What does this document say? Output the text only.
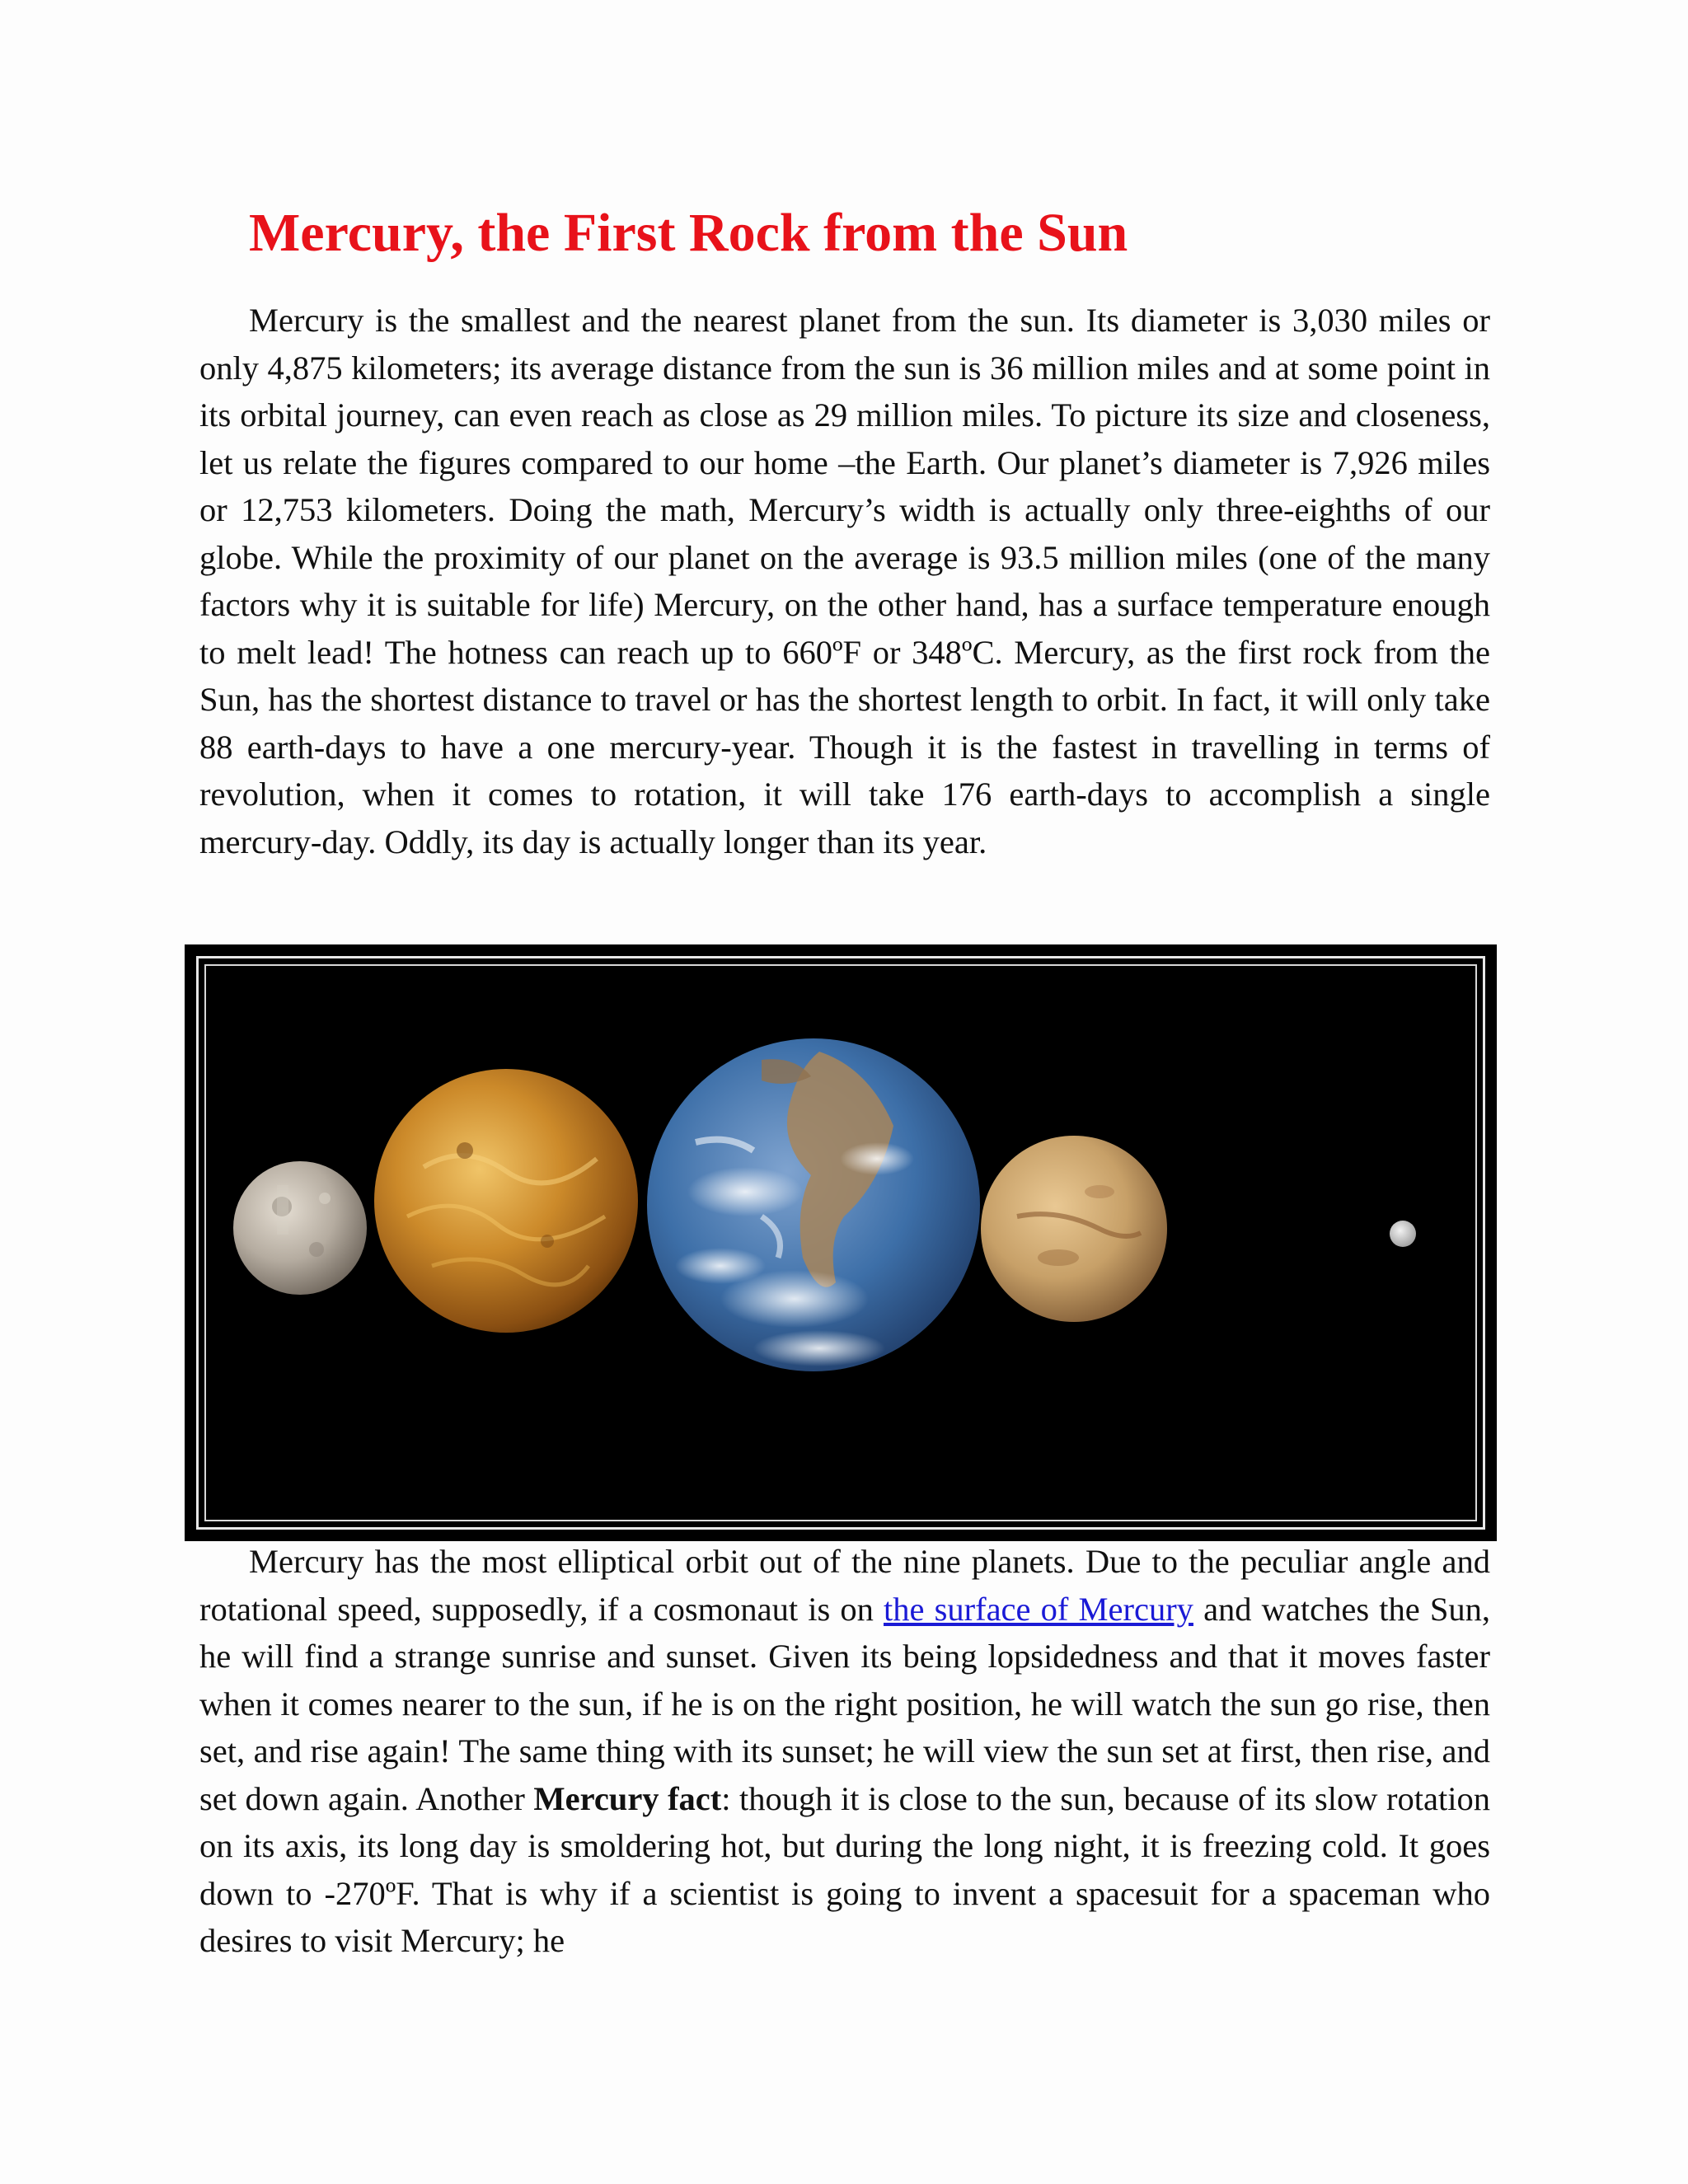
Mercury, the First Rock from the Sun

Mercury is the smallest and the nearest planet from the sun. Its diameter is 3,030 miles or only 4,875 kilometers; its average distance from the sun is 36 million miles and at some point in its orbital journey, can even reach as close as 29 million miles. To picture its size and closeness, let us relate the figures compared to our home –the Earth. Our planet’s diameter is 7,926 miles or 12,753 kilometers. Doing the math, Mercury’s width is actually only three-eighths of our globe. While the proximity of our planet on the average is 93.5 million miles (one of the many factors why it is suitable for life) Mercury, on the other hand, has a surface temperature enough to melt lead! The hotness can reach up to 660ºF or 348ºC. Mercury, as the first rock from the Sun, has the shortest distance to travel or has the shortest length to orbit. In fact, it will only take 88 earth-days to have a one mercury-year. Though it is the fastest in travelling in terms of revolution, when it comes to rotation, it will take 176 earth-days to accomplish a single mercury-day. Oddly, its day is actually longer than its year.

Mercury has the most elliptical orbit out of the nine planets. Due to the peculiar angle and rotational speed, supposedly, if a cosmonaut is on the surface of Mercury and watches the Sun, he will find a strange sunrise and sunset. Given its being lopsidedness and that it moves faster when it comes nearer to the sun, if he is on the right position, he will watch the sun go rise, then set, and rise again! The same thing with its sunset; he will view the sun set at first, then rise, and set down again. Another Mercury fact: though it is close to the sun, because of its slow rotation on its axis, its long day is smoldering hot, but during the long night, it is freezing cold. It goes down to -270ºF. That is why if a scientist is going to invent a spacesuit for a spaceman who desires to visit Mercury; he
